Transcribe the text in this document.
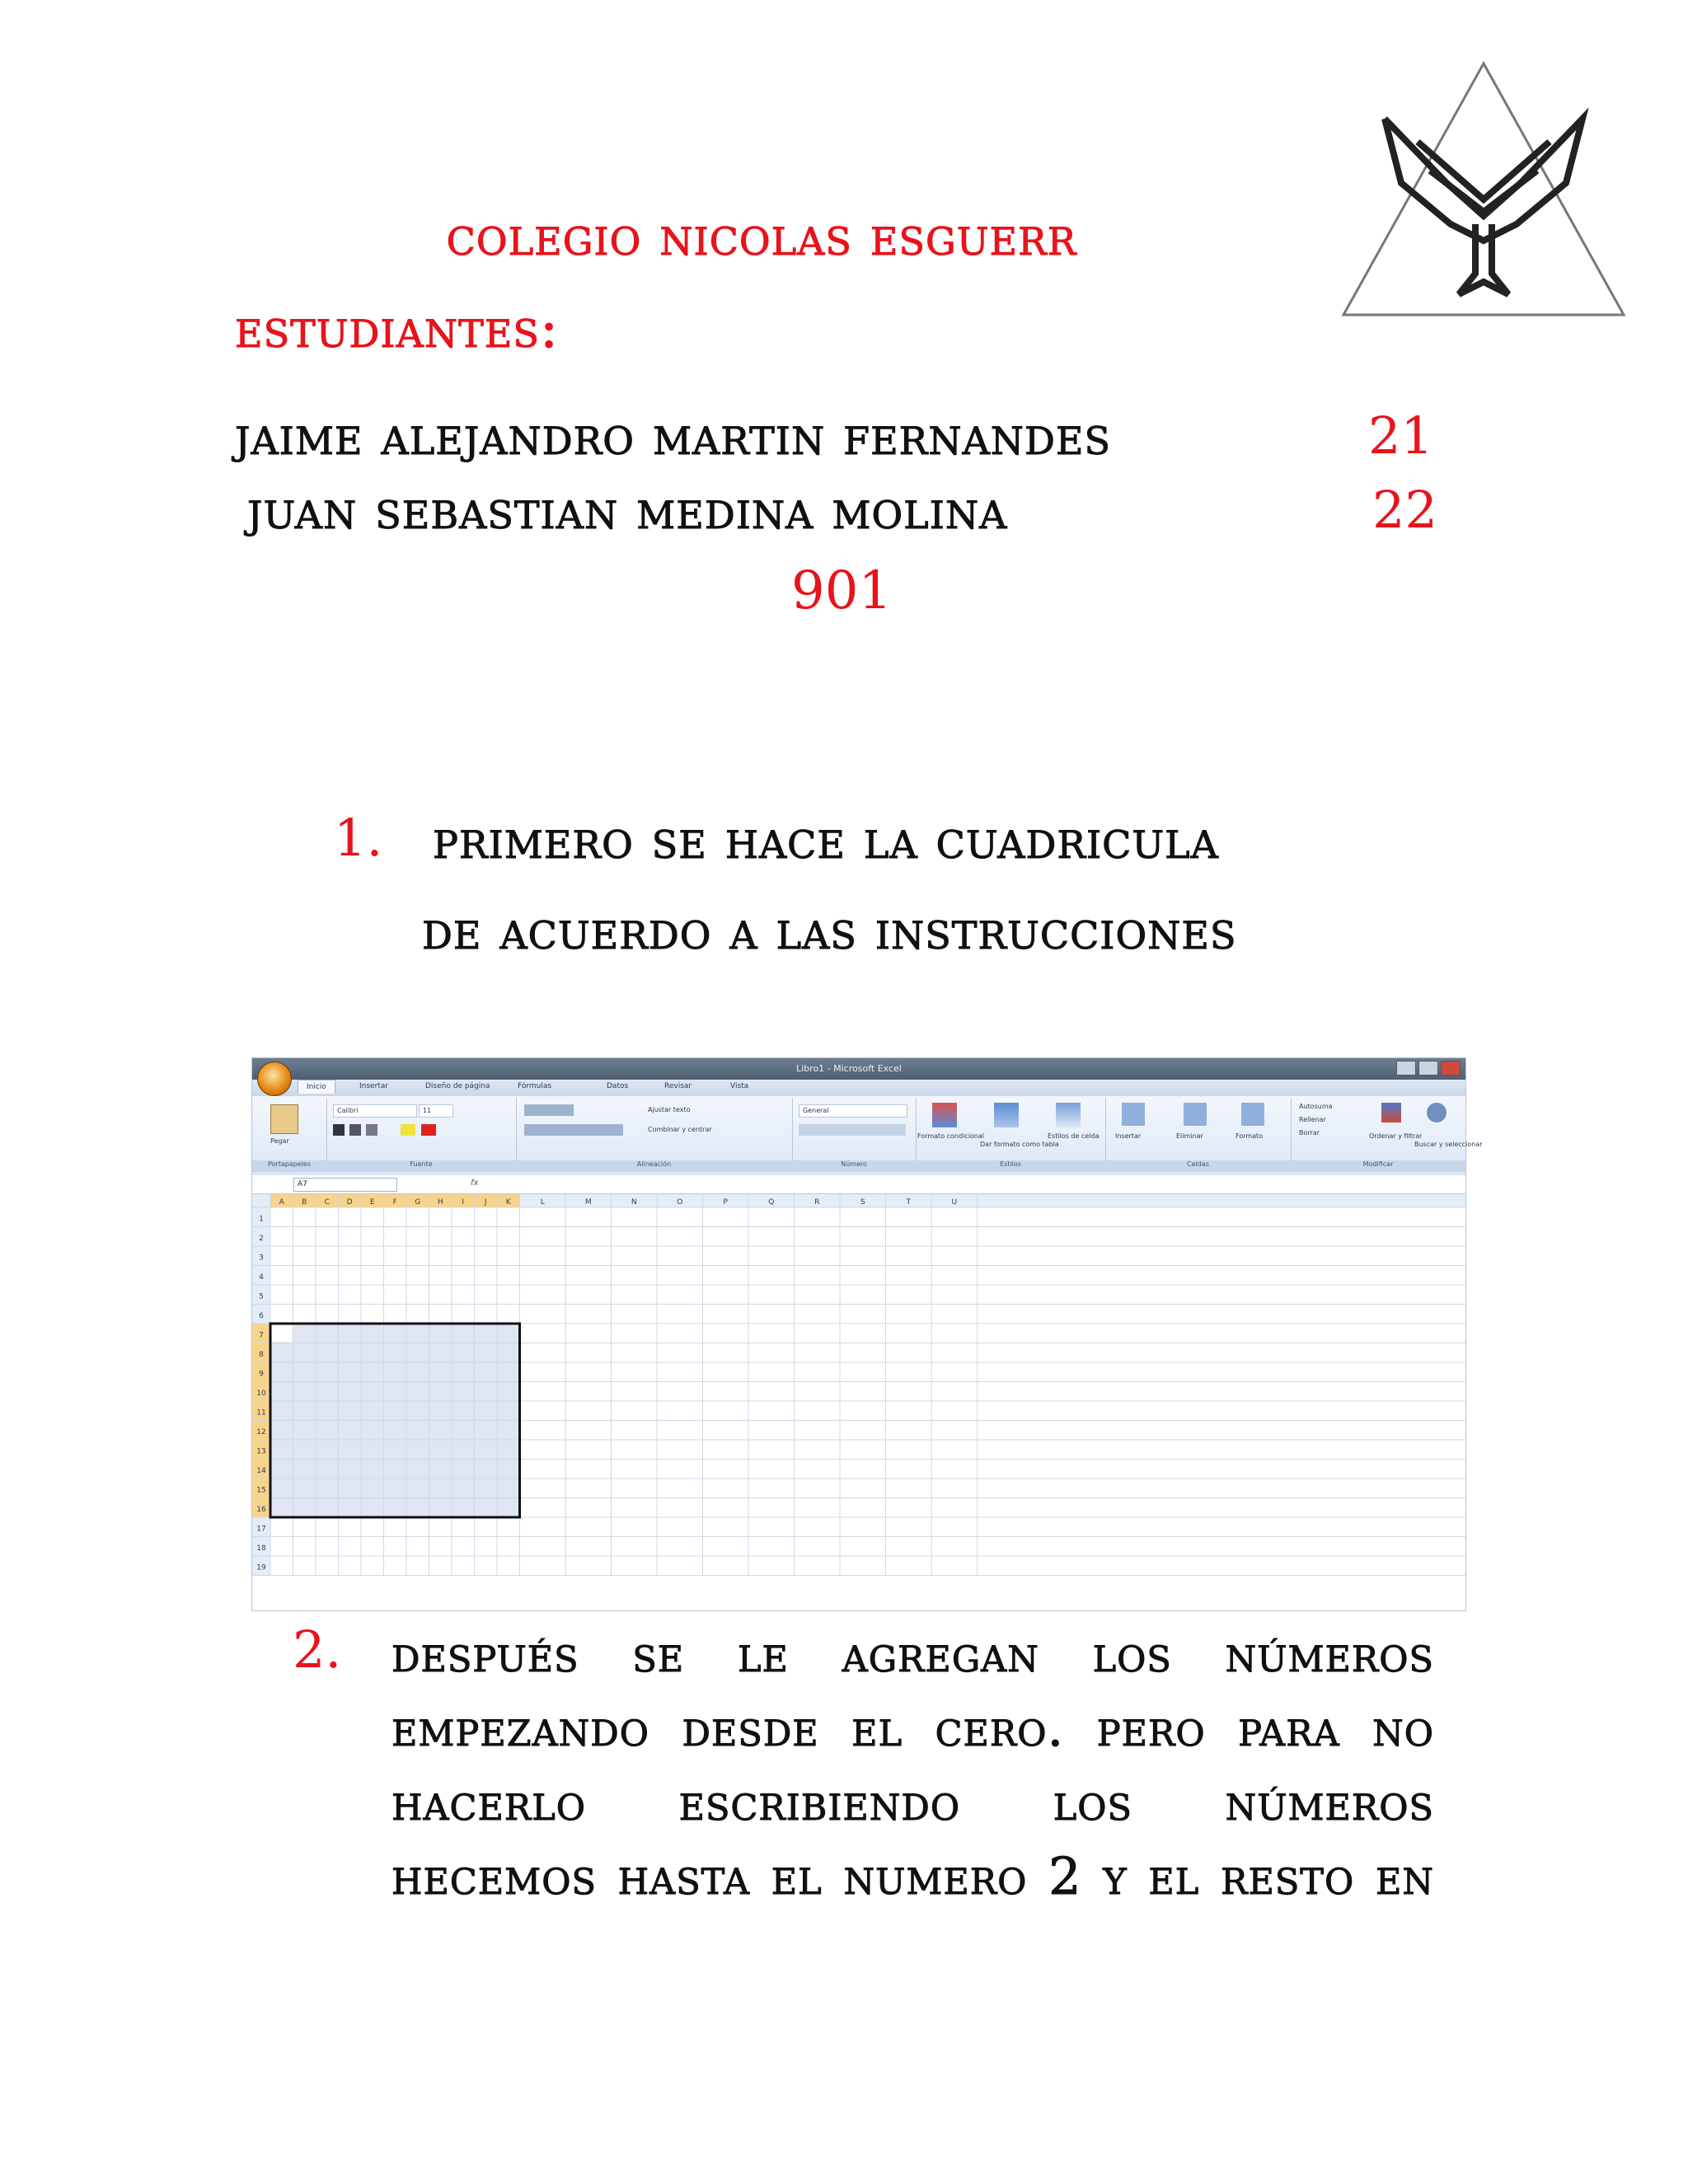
colegio nicolas esguerr
estudiantes:
jaime alejandro martin fernandes	21
juan sebastian medina molina	22
901
1. primero se hace la cuadricula
de acuerdo a las instrucciones
Libro1 - Microsoft Excel
Inicio	Insertar	Diseño de página	Fórmulas	Datos	Revisar	Vista
Pegar
Portapapeles
Calibri	11
Fuente
Ajustar texto
Combinar y centrar
Alineación
General
Número
Formato condicional
Dar formato como tabla
Estilos de celda
Estilos
Insertar	Eliminar	Formato
Celdas
Autosuma
Rellenar
Borrar	Ordenar y filtrar
Buscar y seleccionar
Modificar
A7	fx
A B C D E F G H	I	J	K	L	M	N	O	P	Q	R	S	T	U
1
2
3
4
5
6
7
8
9
10
11
12
13
14
15
16
17
18
19
2. después se le agregan los números
empezando desde el cero. pero para no
hacerlo escribiendo los números
hecemos hasta el numero 2 y el resto en
